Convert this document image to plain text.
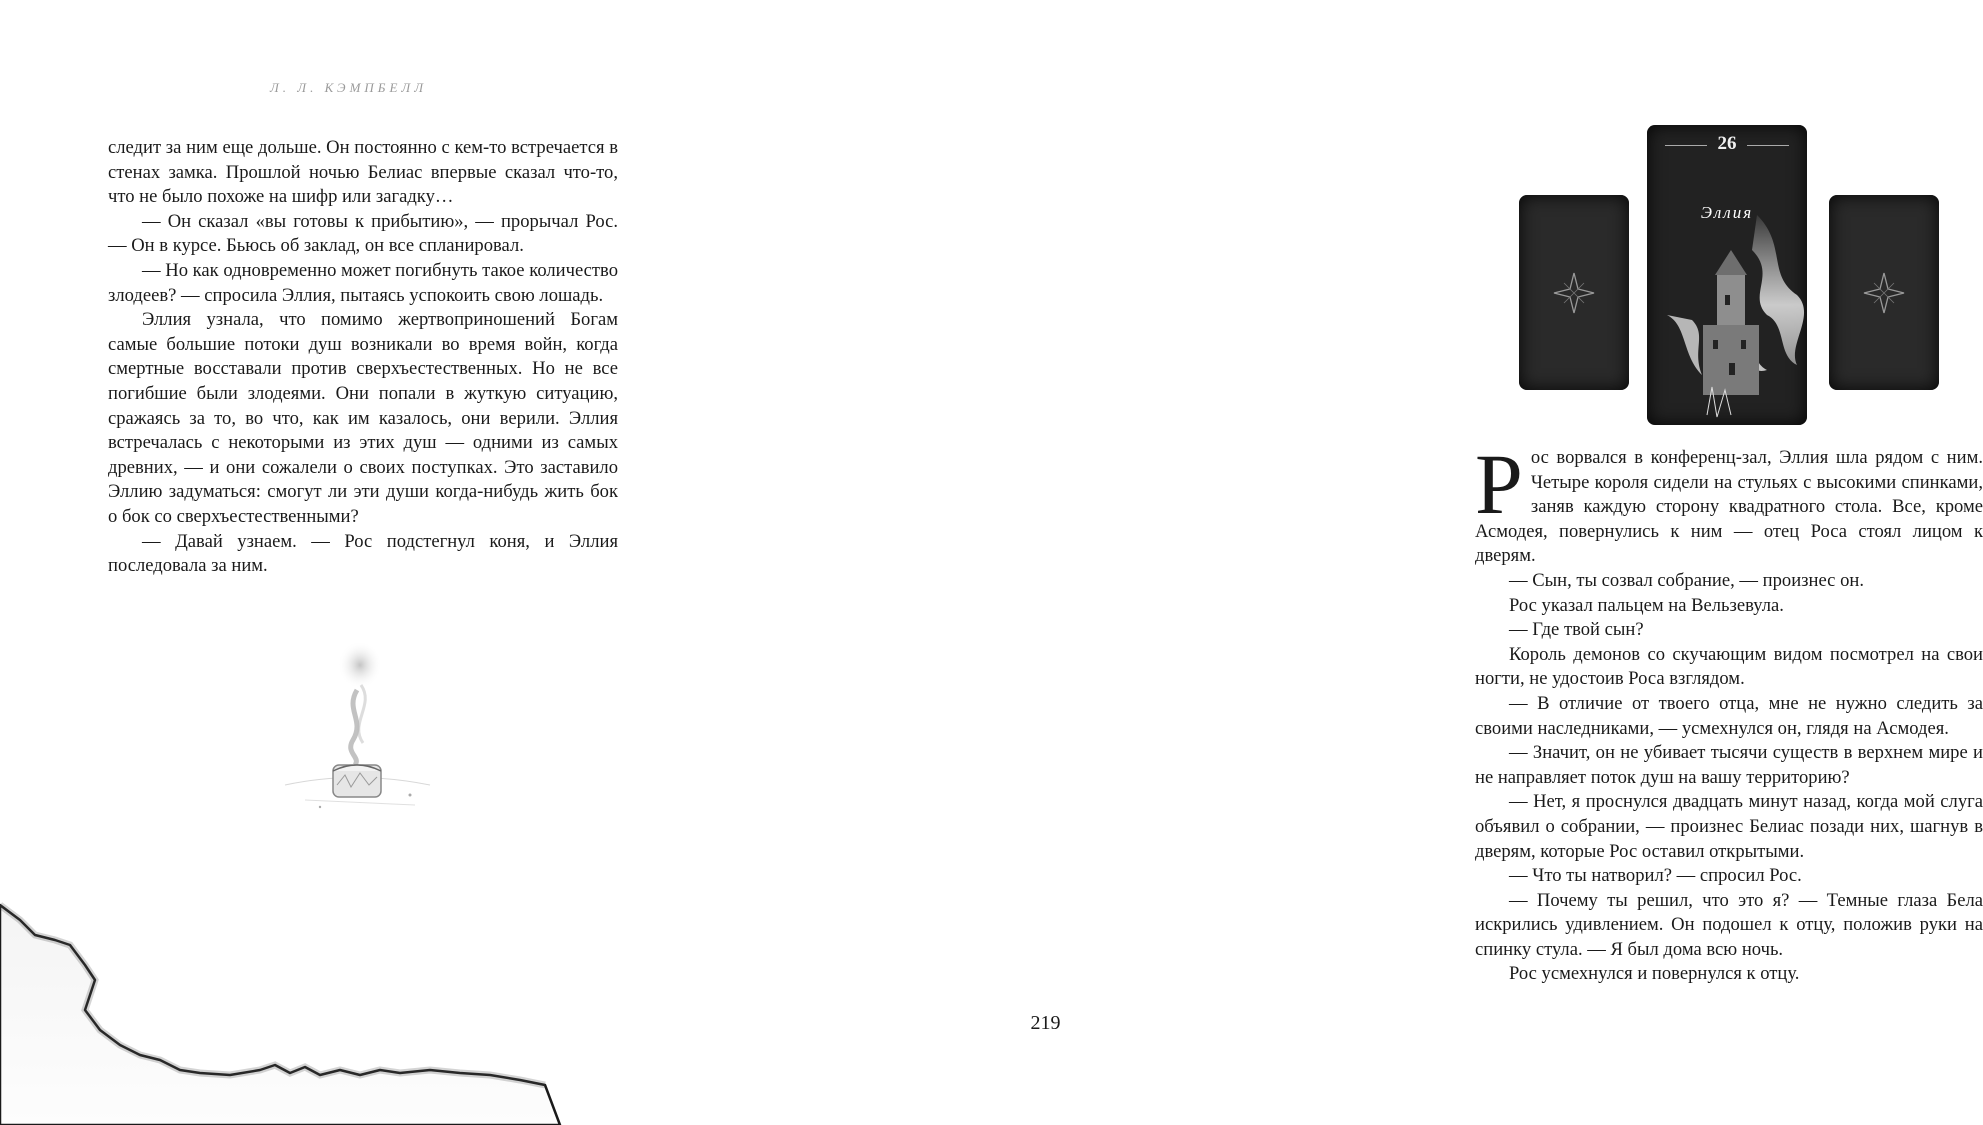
Л. Л. КЭМПБЕЛЛ

следит за ним еще дольше. Он постоянно с кем-то встречается в стенах замка. Прошлой ночью Белиас впервые сказал что-то, что не было похоже на шифр или загадку…

— Он сказал «вы готовы к прибытию», — прорычал Рос. — Он в курсе. Бьюсь об заклад, он все спланировал.

— Но как одновременно может погибнуть такое количество злодеев? — спросила Эллия, пытаясь успокоить свою лошадь.

Эллия узнала, что помимо жертвоприношений Богам самые большие потоки душ возникали во время войн, когда смертные восставали против сверхъестественных. Но не все погибшие были злодеями. Они попали в жуткую ситуацию, сражаясь за то, во что, как им казалось, они верили. Эллия встречалась с некоторыми из этих душ — одними из самых древних, — и они сожалели о своих поступках. Это заставило Эллию задуматься: смогут ли эти души когда-нибудь жить бок о бок со сверхъестественными?

— Давай узнаем. — Рос подстегнул коня, и Эллия последовала за ним.

26
Эллия

Рос ворвался в конференц-зал, Эллия шла рядом с ним. Четыре короля сидели на стульях с высокими спинками, заняв каждую сторону квадратного стола. Все, кроме Асмодея, повернулись к ним — отец Роса стоял лицом к дверям.

— Сын, ты созвал собрание, — произнес он.

Рос указал пальцем на Вельзевула.

— Где твой сын?

Король демонов со скучающим видом посмотрел на свои ногти, не удостоив Роса взглядом.

— В отличие от твоего отца, мне не нужно следить за своими наследниками, — усмехнулся он, глядя на Асмодея.

— Значит, он не убивает тысячи существ в верхнем мире и не направляет поток душ на вашу территорию?

— Нет, я проснулся двадцать минут назад, когда мой слуга объявил о собрании, — произнес Белиас позади них, шагнув в дверям, которые Рос оставил открытыми.

— Что ты натворил? — спросил Рос.

— Почему ты решил, что это я? — Темные глаза Бела искрились удивлением. Он подошел к отцу, положив руки на спинку стула. — Я был дома всю ночь.

Рос усмехнулся и повернулся к отцу.

219
